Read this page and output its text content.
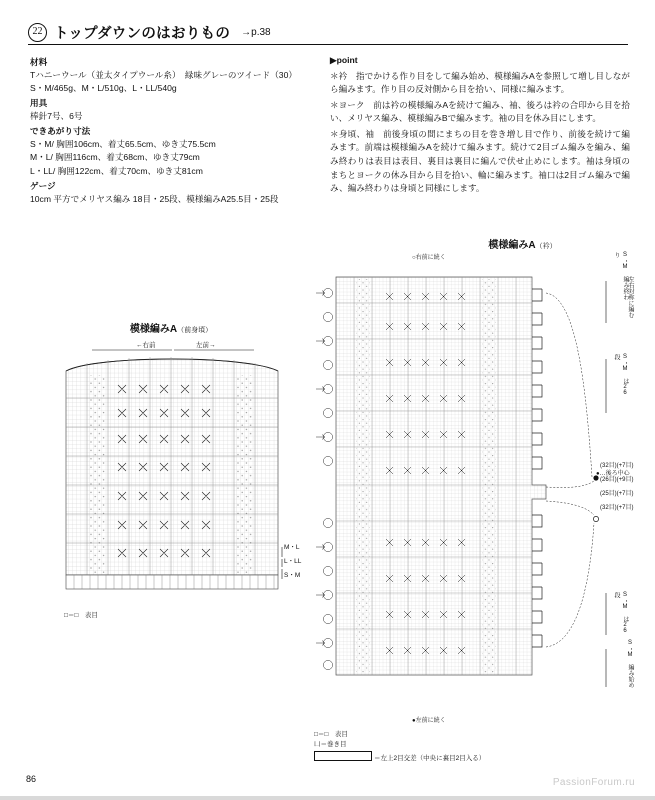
22 トップダウンのはおりもの	→p.38
材料
Tハニーウール（並太タイプウール糸）　緑味グレーのツイード（30）
S・M/465g、M・L/510g、L・LL/540g
用具
棒針7号、6号
できあがり寸法
S・M/ 胸囲106cm、着丈65.5cm、ゆき丈75.5cm
M・L/ 胸囲116cm、着丈68cm、ゆき丈79cm
L・LL/ 胸囲122cm、着丈70cm、ゆき丈81cm
ゲージ
10cm 平方でメリヤス編み 18目・25段、模様編みA25.5目・25段
▶point
＊衿　指でかける作り目をして編み始め、模様編みAを参照して増し目しながら編みます。作り目の反対側から目を拾い、同様に編みます。
＊ヨーク　前は衿の模様編みAを続けて編み、袖、後ろは衿の合印から目を拾い、メリヤス編み、模様編みBで編みます。袖の目を休み目にします。
＊身頃、袖　前後身頃の間にまちの目を巻き増し目で作り、前後を続けて編みます。前端は模様編みAを続けて編みます。続けて2目ゴム編みを編み、編み終わりは表目は表目、裏目は裏目に編んで伏せ止めにします。袖は身頃のまちとヨークの休み目から目を拾い、輪に編みます。袖口は2目ゴム編みで編み、編み終わりは身頃と同様にします。
模様編みA（前身頃）
←右前	左前→
M・L
L・LL
S・M
□＝□　表目
模様編みA（衿）
○右前に続く	S・M 編み終わり
左右対称に編む
S・M は26段
(32目)(+7目)
(26目)(+9目)
(25目)(+7目)
(32目)(+7目)
S・M は26段
S・M 編み始め
●…後ろ中心
●左前に続く
□＝□　表目
凵＝巻き目
＝左上2目交差（中央に裏目2目入る）
86	PassionForum.ru
